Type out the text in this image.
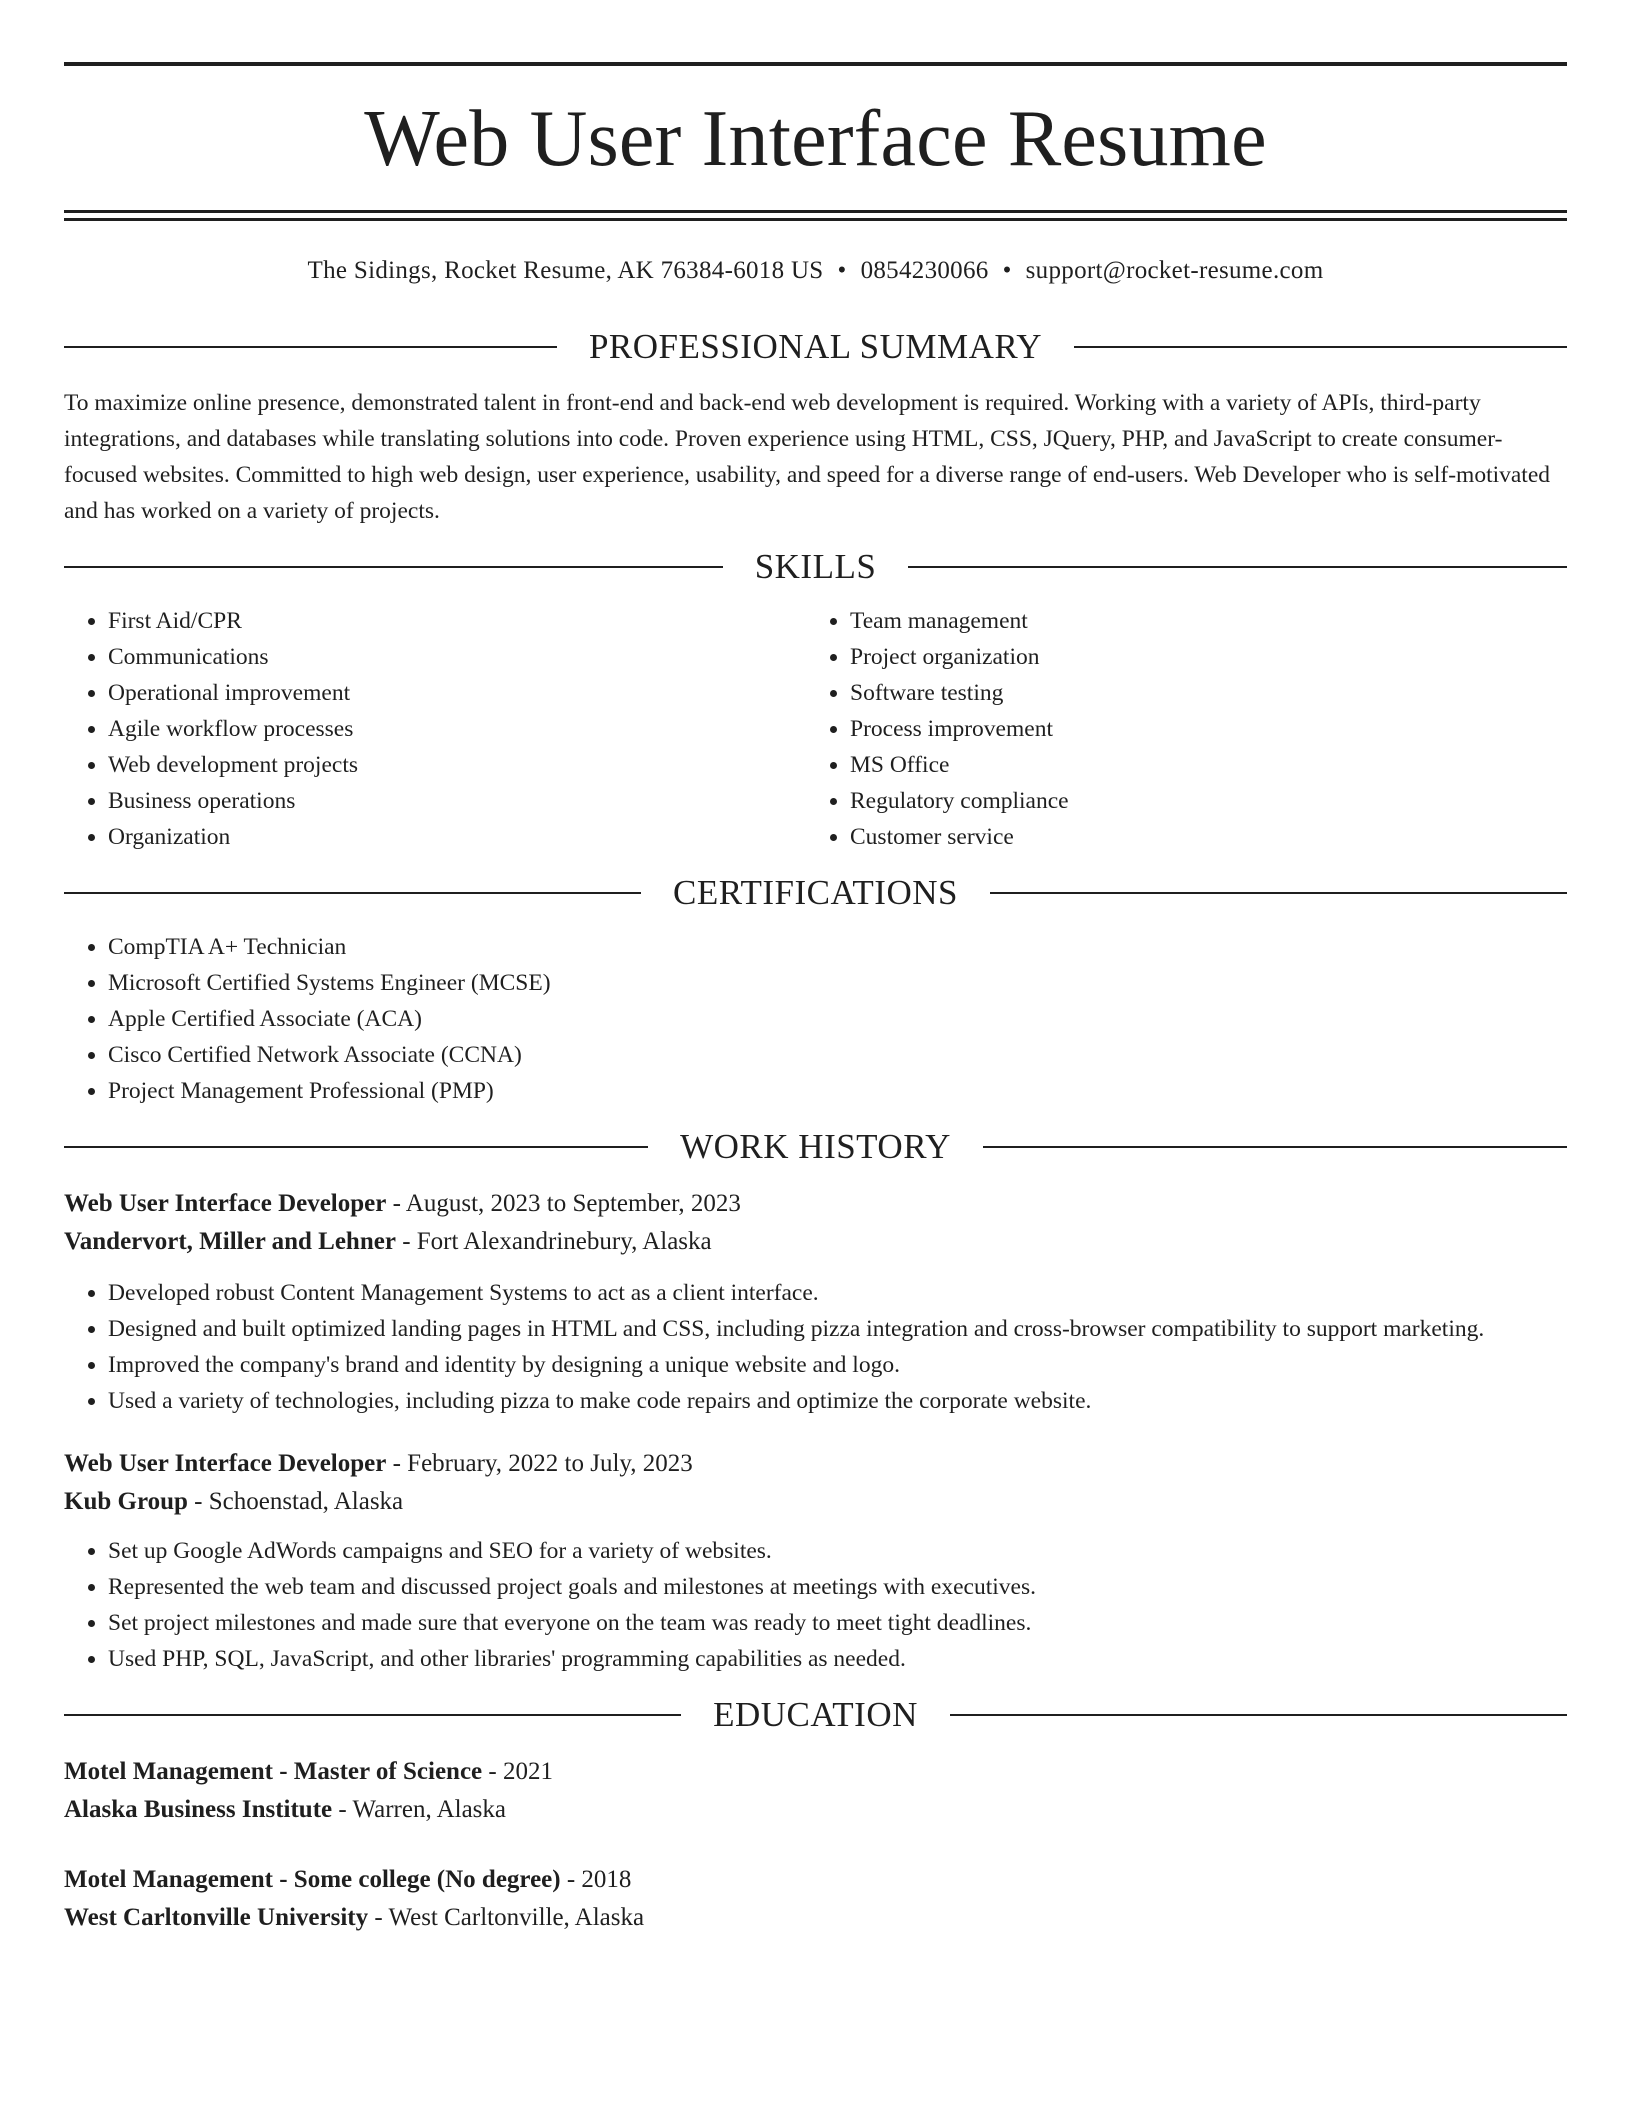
Web User Interface Resume
The Sidings, Rocket Resume, AK 76384-6018 US • 0854230066 • support@rocket-resume.com
PROFESSIONAL SUMMARY
To maximize online presence, demonstrated talent in front-end and back-end web development is required. Working with a variety of APIs, third-party integrations, and databases while translating solutions into code. Proven experience using HTML, CSS, JQuery, PHP, and JavaScript to create consumer-focused websites. Committed to high web design, user experience, usability, and speed for a diverse range of end-users. Web Developer who is self-motivated and has worked on a variety of projects.
SKILLS
• First Aid/CPR
• Communications
• Operational improvement
• Agile workflow processes
• Web development projects
• Business operations
• Organization
• Team management
• Project organization
• Software testing
• Process improvement
• MS Office
• Regulatory compliance
• Customer service
CERTIFICATIONS
• CompTIA A+ Technician
• Microsoft Certified Systems Engineer (MCSE)
• Apple Certified Associate (ACA)
• Cisco Certified Network Associate (CCNA)
• Project Management Professional (PMP)
WORK HISTORY
Web User Interface Developer - August, 2023 to September, 2023
Vandervort, Miller and Lehner - Fort Alexandrinebury, Alaska
• Developed robust Content Management Systems to act as a client interface.
• Designed and built optimized landing pages in HTML and CSS, including pizza integration and cross-browser compatibility to support marketing.
• Improved the company's brand and identity by designing a unique website and logo.
• Used a variety of technologies, including pizza to make code repairs and optimize the corporate website.
Web User Interface Developer - February, 2022 to July, 2023
Kub Group - Schoenstad, Alaska
• Set up Google AdWords campaigns and SEO for a variety of websites.
• Represented the web team and discussed project goals and milestones at meetings with executives.
• Set project milestones and made sure that everyone on the team was ready to meet tight deadlines.
• Used PHP, SQL, JavaScript, and other libraries' programming capabilities as needed.
EDUCATION
Motel Management - Master of Science - 2021
Alaska Business Institute - Warren, Alaska
Motel Management - Some college (No degree) - 2018
West Carltonville University - West Carltonville, Alaska
